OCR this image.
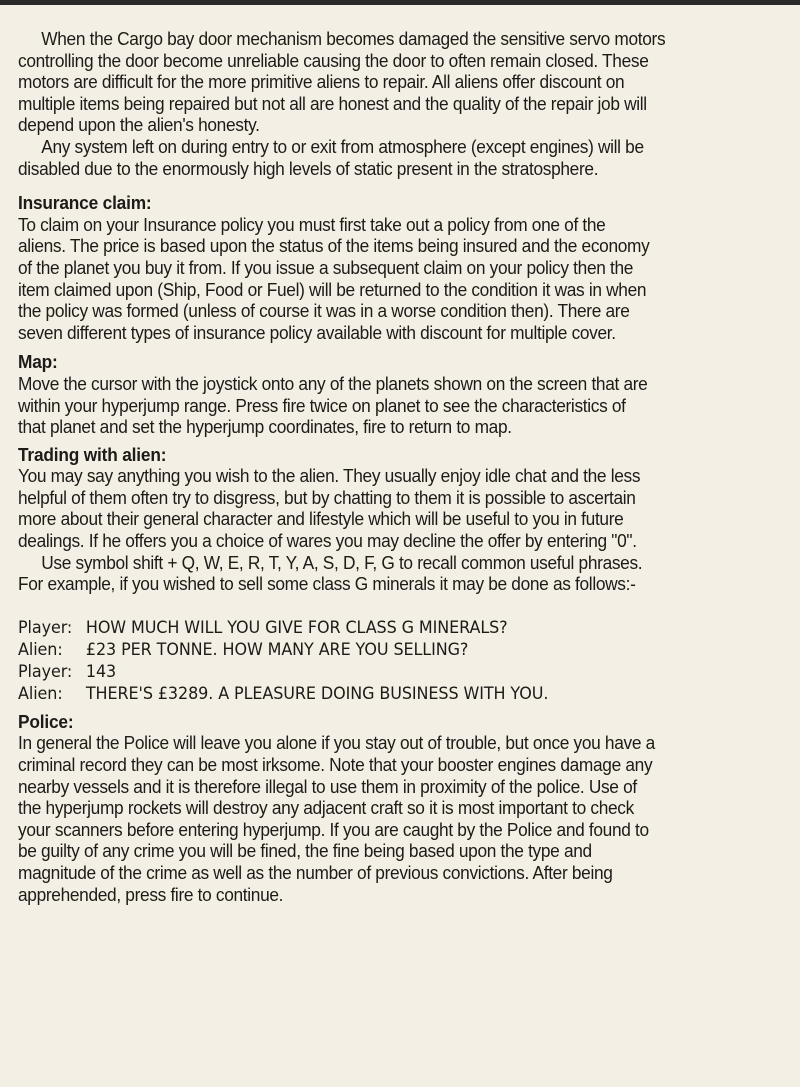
When the Cargo bay door mechanism becomes damaged the sensitive servo motors
controlling the door become unreliable causing the door to often remain closed. These
motors are difficult for the more primitive aliens to repair. All aliens offer discount on
multiple items being repaired but not all are honest and the quality of the repair job will
depend upon the alien's honesty.
Any system left on during entry to or exit from atmosphere (except engines) will be
disabled due to the enormously high levels of static present in the stratosphere.
Insurance claim:
To claim on your Insurance policy you must first take out a policy from one of the
aliens. The price is based upon the status of the items being insured and the economy
of the planet you buy it from. If you issue a subsequent claim on your policy then the
item claimed upon (Ship, Food or Fuel) will be returned to the condition it was in when
the policy was formed (unless of course it was in a worse condition then). There are
seven different types of insurance policy available with discount for multiple cover.
Map:
Move the cursor with the joystick onto any of the planets shown on the screen that are
within your hyperjump range. Press fire twice on planet to see the characteristics of
that planet and set the hyperjump coordinates, fire to return to map.
Trading with alien:
You may say anything you wish to the alien. They usually enjoy idle chat and the less
helpful of them often try to disgress, but by chatting to them it is possible to ascertain
more about their general character and lifestyle which will be useful to you in future
dealings. If he offers you a choice of wares you may decline the offer by entering "0".
Use symbol shift + Q, W, E, R, T, Y, A, S, D, F, G to recall common useful phrases.
For example, if you wished to sell some class G minerals it may be done as follows:-
Player: HOW MUCH WILL YOU GIVE FOR CLASS G MINERALS?
Alien: £23 PER TONNE. HOW MANY ARE YOU SELLING?
Player: 143
Alien: THERE'S £3289. A PLEASURE DOING BUSINESS WITH YOU.
Police:
In general the Police will leave you alone if you stay out of trouble, but once you have a
criminal record they can be most irksome. Note that your booster engines damage any
nearby vessels and it is therefore illegal to use them in proximity of the police. Use of
the hyperjump rockets will destroy any adjacent craft so it is most important to check
your scanners before entering hyperjump. If you are caught by the Police and found to
be guilty of any crime you will be fined, the fine being based upon the type and
magnitude of the crime as well as the number of previous convictions. After being
apprehended, press fire to continue.
